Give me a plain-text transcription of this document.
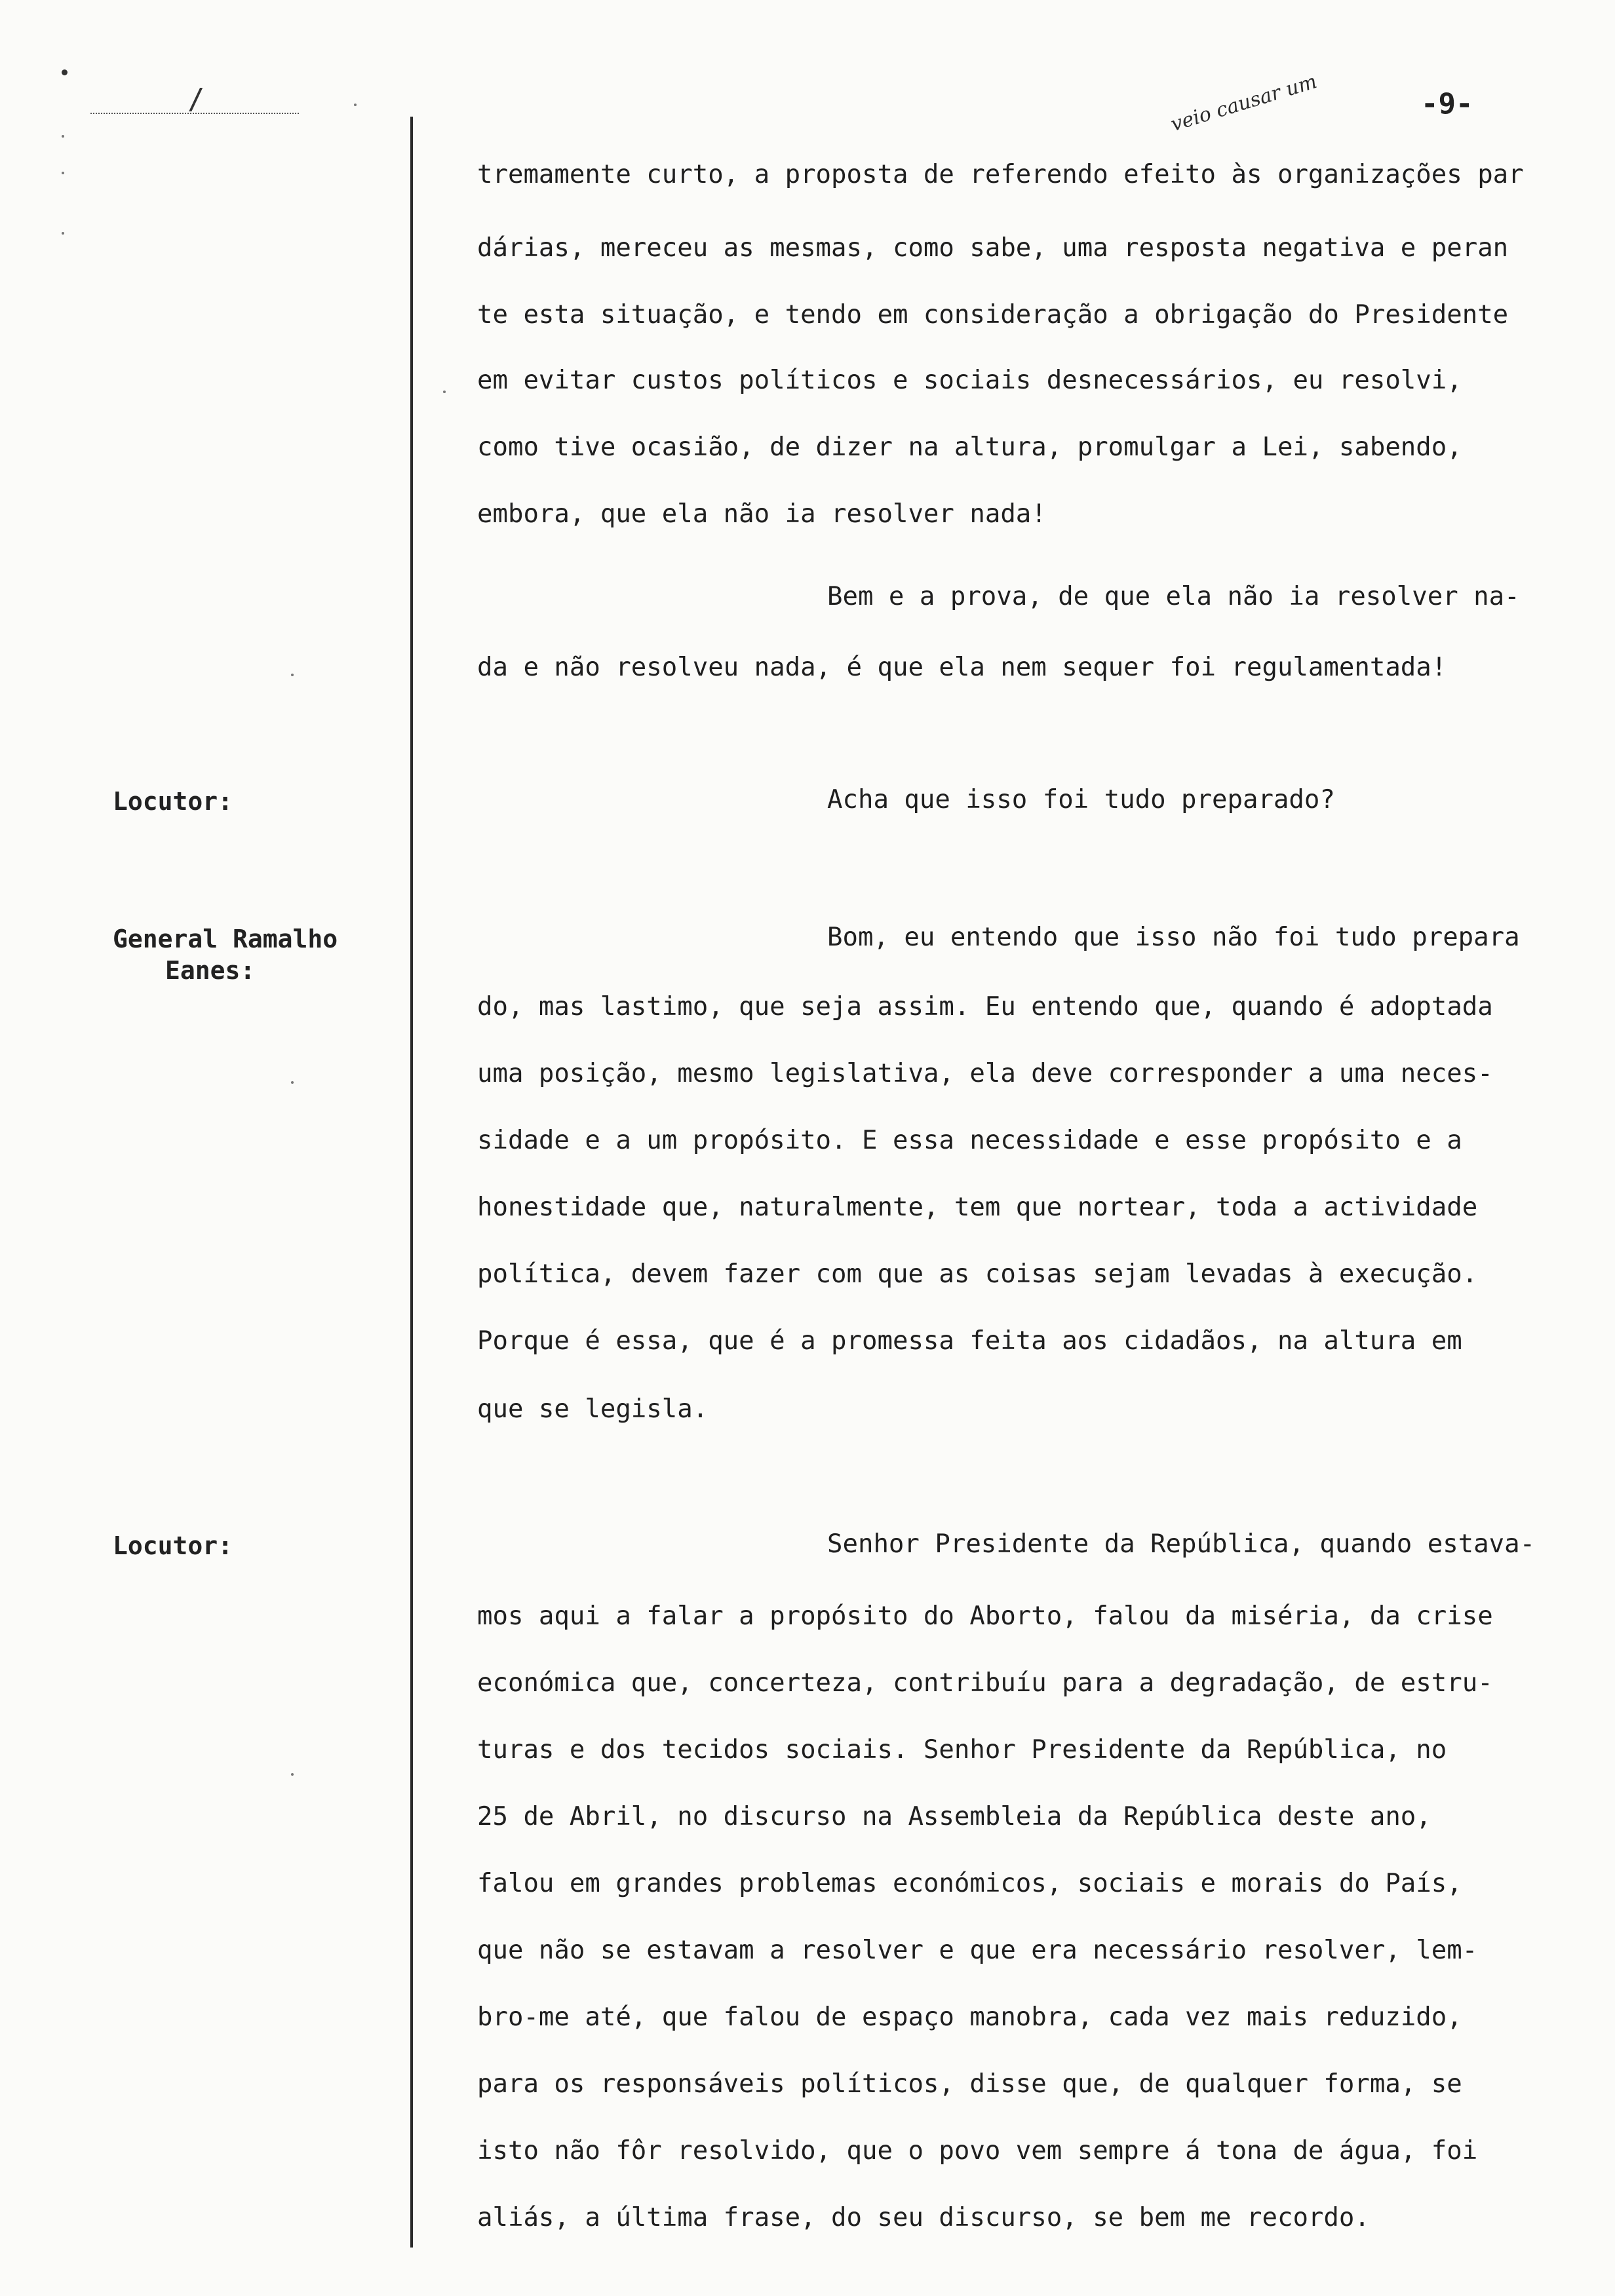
/	-9-
Locutor:
General Ramalho
Eanes:
Locutor:
veio causar um
tremamente curto, a proposta de referendo efeito às organizações par
dárias, mereceu as mesmas, como sabe, uma resposta negativa e peran
te esta situação, e tendo em consideração a obrigação do Presidente
em evitar custos políticos e sociais desnecessários, eu resolvi,
como tive ocasião, de dizer na altura, promulgar a Lei, sabendo,
embora, que ela não ia resolver nada!
Bem e a prova, de que ela não ia resolver na-
da e não resolveu nada, é que ela nem sequer foi regulamentada!
Acha que isso foi tudo preparado?
Bom, eu entendo que isso não foi tudo prepara
do, mas lastimo, que seja assim. Eu entendo que, quando é adoptada
uma posição, mesmo legislativa, ela deve corresponder a uma neces-
sidade e a um propósito. E essa necessidade e esse propósito e a
honestidade que, naturalmente, tem que nortear, toda a actividade
política, devem fazer com que as coisas sejam levadas à execução.
Porque é essa, que é a promessa feita aos cidadãos, na altura em
que se legisla.
Senhor Presidente da República, quando estava-
mos aqui a falar a propósito do Aborto, falou da miséria, da crise
económica que, concerteza, contribuíu para a degradação, de estru-
turas e dos tecidos sociais. Senhor Presidente da República, no
25 de Abril, no discurso na Assembleia da República deste ano,
falou em grandes problemas económicos, sociais e morais do País,
que não se estavam a resolver e que era necessário resolver, lem-
bro-me até, que falou de espaço manobra, cada vez mais reduzido,
para os responsáveis políticos, disse que, de qualquer forma, se
isto não fôr resolvido, que o povo vem sempre á tona de água, foi
aliás, a última frase, do seu discurso, se bem me recordo.
